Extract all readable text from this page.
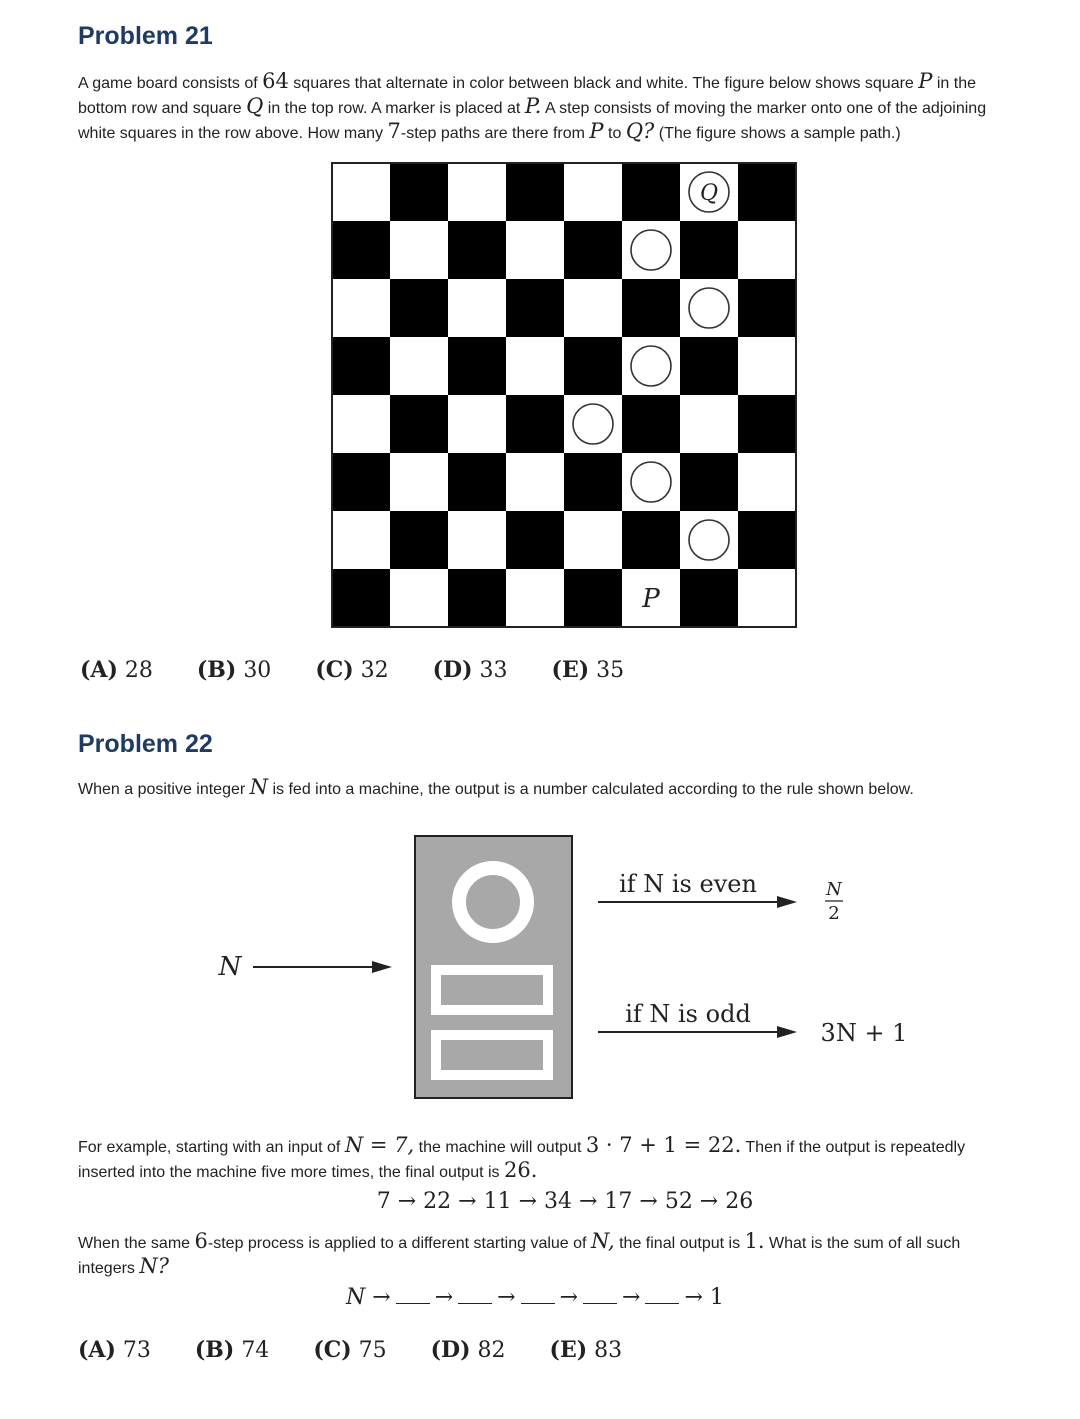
Problem 21
A game board consists of 64 squares that alternate in color between black and white. The figure below shows square P in the
bottom row and square Q in the top row. A marker is placed at P. A step consists of moving the marker onto one of the adjoining
white squares in the row above. How many 7-step paths are there from P to Q? (The figure shows a sample path.)
Q
P
(A) 28 (B) 30 (C) 32 (D) 33 (E) 35
Problem 22
When a positive integer N is fed into a machine, the output is a number calculated according to the rule shown below.
N
if N is even	N
2
if N is odd
3N + 1
For example, starting with an input of N = 7, the machine will output 3 · 7 + 1 = 22. Then if the output is repeatedly
inserted into the machine five more times, the final output is 26.
7 → 22 → 11 → 34 → 17 → 52 → 26
When the same 6-step process is applied to a different starting value of N, the final output is 1. What is the sum of all such
integers N?
N → → → → → → 1
(A) 73 (B) 74 (C) 75 (D) 82 (E) 83
